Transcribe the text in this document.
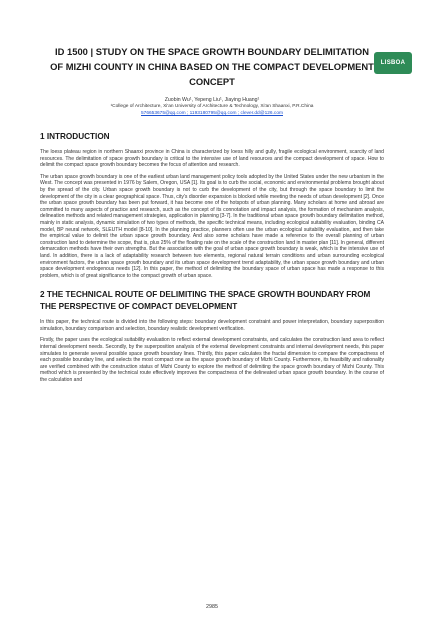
LISBOA
ID 1500 | STUDY ON THE SPACE GROWTH BOUNDARY DELIMITATION OF MIZHI COUNTY IN CHINA BASED ON THE COMPACT DEVELOPMENT CONCEPT
Zuobin Wu¹, Yepeng Liu¹, Jiaying Huang¹
¹College of Architecture, Xi'an University of Architecture & Technology, Xi'an Shaanxi, P.R.China
576653675@qq.com ; 1193180795@qq.com ; clever.dd@126.com
1 INTRODUCTION

The loess plateau region in northern Shaanxi province in China is characterized by loess hilly and gully, fragile ecological environment, scarcity of land resources. The delimitation of space growth boundary is critical to the intensive use of land resources and the compact development of space. How to delimit the compact space growth boundary becomes the focus of attention and research.

The urban space growth boundary is one of the earliest urban land management policy tools adopted by the United States under the new urbanism in the West. The concept was presented in 1976 by Salem, Oregon, USA [1]. Its goal is to curb the social, economic and environmental problems brought about by the spread of the city. Urban space growth boundary is not to curb the development of the city, but through the space boundary to limit the development of the city in a clear geographical space. Thus, city's disorder expansion is blocked while meeting the needs of urban development [2]. Once the urban space growth boundary has been put forward, it has become one of the hotspots of urban planning. Many scholars at home and abroad are committed to many aspects of practice and research, such as the concept of its connotation and impact analysis, the formation of mechanism analysis, delineation methods and related management strategies, application in planning [3-7]. In the traditional urban space growth boundary delimitation method, mainly in static analysis, dynamic simulation of two types of methods, the specific technical means, including ecological suitability evaluation, binding CA model, BP neural network, SLEUTH model [8-10]. In the planning practice, planners often use the urban ecological suitability evaluation, and then take the empirical value to delimit the urban space growth boundary. And also some scholars have made a reference to the overall planning of urban construction land to determine the scope, that is, plus 25% of the floating rate on the scale of the construction land in master plan [11]. In general, different demarcation methods have their own strengths. But the association with the goal of urban space growth boundary is weak, which is the intensive use of land. In addition, there is a lack of adaptability research between two elements, regional natural terrain conditions and urban surrounding ecological environment factors, the urban space growth boundary and its urban space development trend adaptability, the urban space growth boundary and urban space development endogenous needs [12]. In this paper, the method of delimiting the boundary space of urban space has made a response to this problem, which is of great significance to the compact growth of urban space.

2 THE TECHNICAL ROUTE OF DELIMITING THE SPACE GROWTH BOUNDARY FROM THE PERSPECTIVE OF COMPACT DEVELOPMENT

In this paper, the technical route is divided into the following steps: boundary development constraint and power interpretation, boundary superposition simulation, boundary comparison and selection, boundary realistic development verification.

Firstly, the paper uses the ecological suitability evaluation to reflect external development constraints, and calculates the construction land area to reflect internal development needs. Secondly, by the superposition analysis of the external development constraints and internal development needs, this paper simulates to generate several possible space growth boundary lines. Thirdly, this paper calculates the fractal dimension to compare the compactness of each possible boundary line, and selects the most compact one as the space growth boundary of Mizhi County. Furthermore, its feasibility and rationality are verified combined with the construction status of Mizhi County to explore the method of delimiting the space growth boundary of Mizhi County. This method which is presented by the technical route effectively improves the compactness of the delineated urban space growth boundary. In the course of the calculation and

2985
